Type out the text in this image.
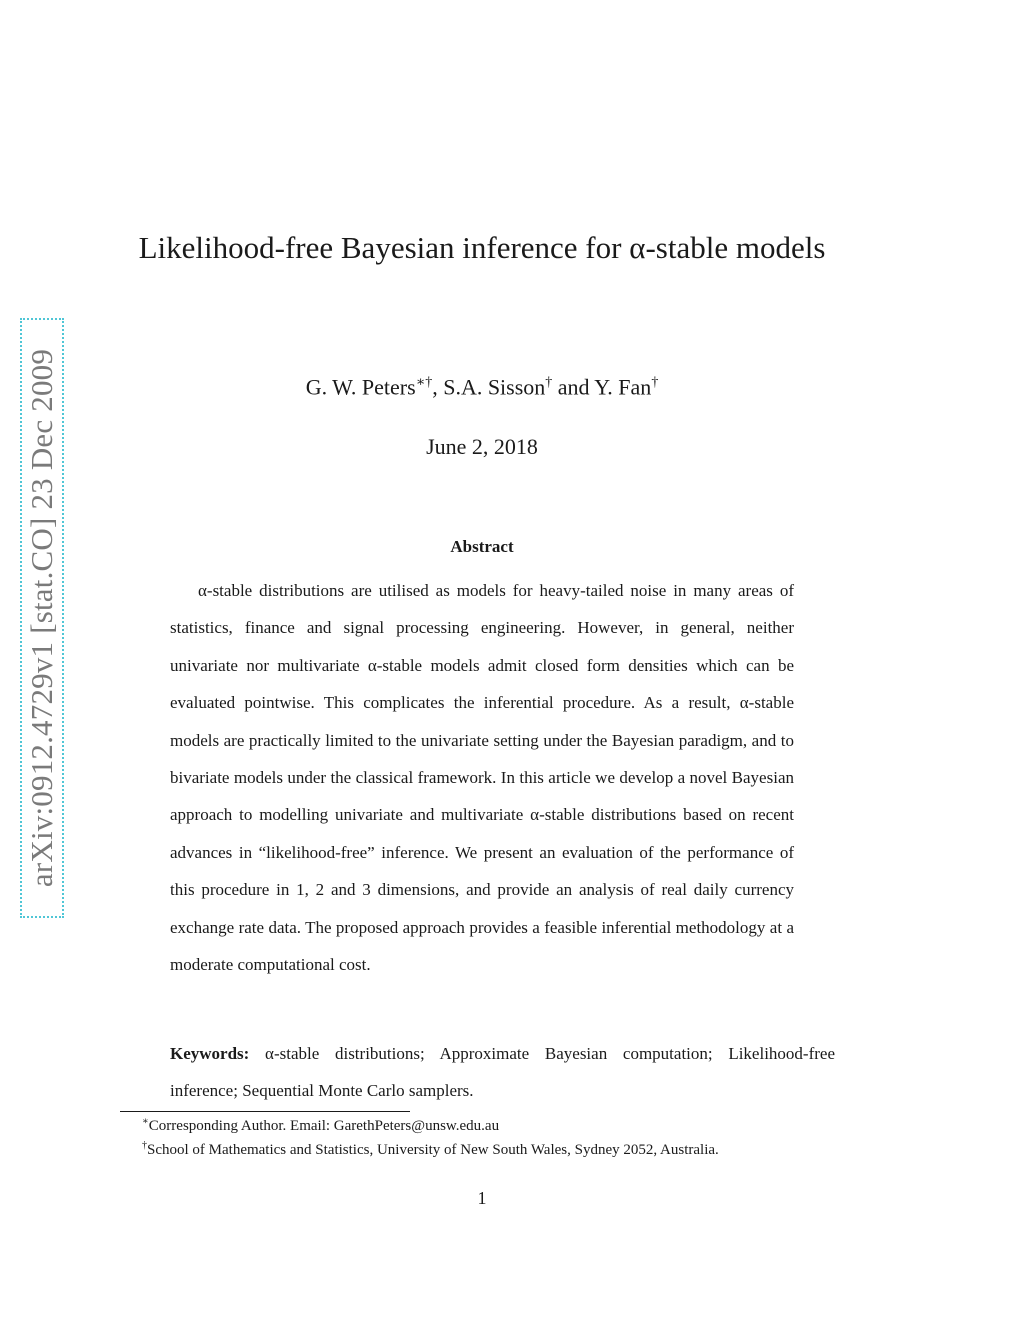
arXiv:0912.4729v1 [stat.CO] 23 Dec 2009
Likelihood-free Bayesian inference for α-stable models
G. W. Peters∗†, S.A. Sisson† and Y. Fan†
June 2, 2018
Abstract

α-stable distributions are utilised as models for heavy-tailed noise in many areas of statistics, finance and signal processing engineering. However, in general, neither univariate nor multivariate α-stable models admit closed form densities which can be evaluated pointwise. This complicates the inferential procedure. As a result, α-stable models are practically limited to the univariate setting under the Bayesian paradigm, and to bivariate models under the classical framework. In this article we develop a novel Bayesian approach to modelling univariate and multivariate α-stable distributions based on recent advances in “likelihood-free” inference. We present an evaluation of the performance of this procedure in 1, 2 and 3 dimensions, and provide an analysis of real daily currency exchange rate data. The proposed approach provides a feasible inferential methodology at a moderate computational cost.

Keywords: α-stable distributions; Approximate Bayesian computation; Likelihood-free inference; Sequential Monte Carlo samplers.

∗Corresponding Author. Email: GarethPeters@unsw.edu.au
†School of Mathematics and Statistics, University of New South Wales, Sydney 2052, Australia.
1
